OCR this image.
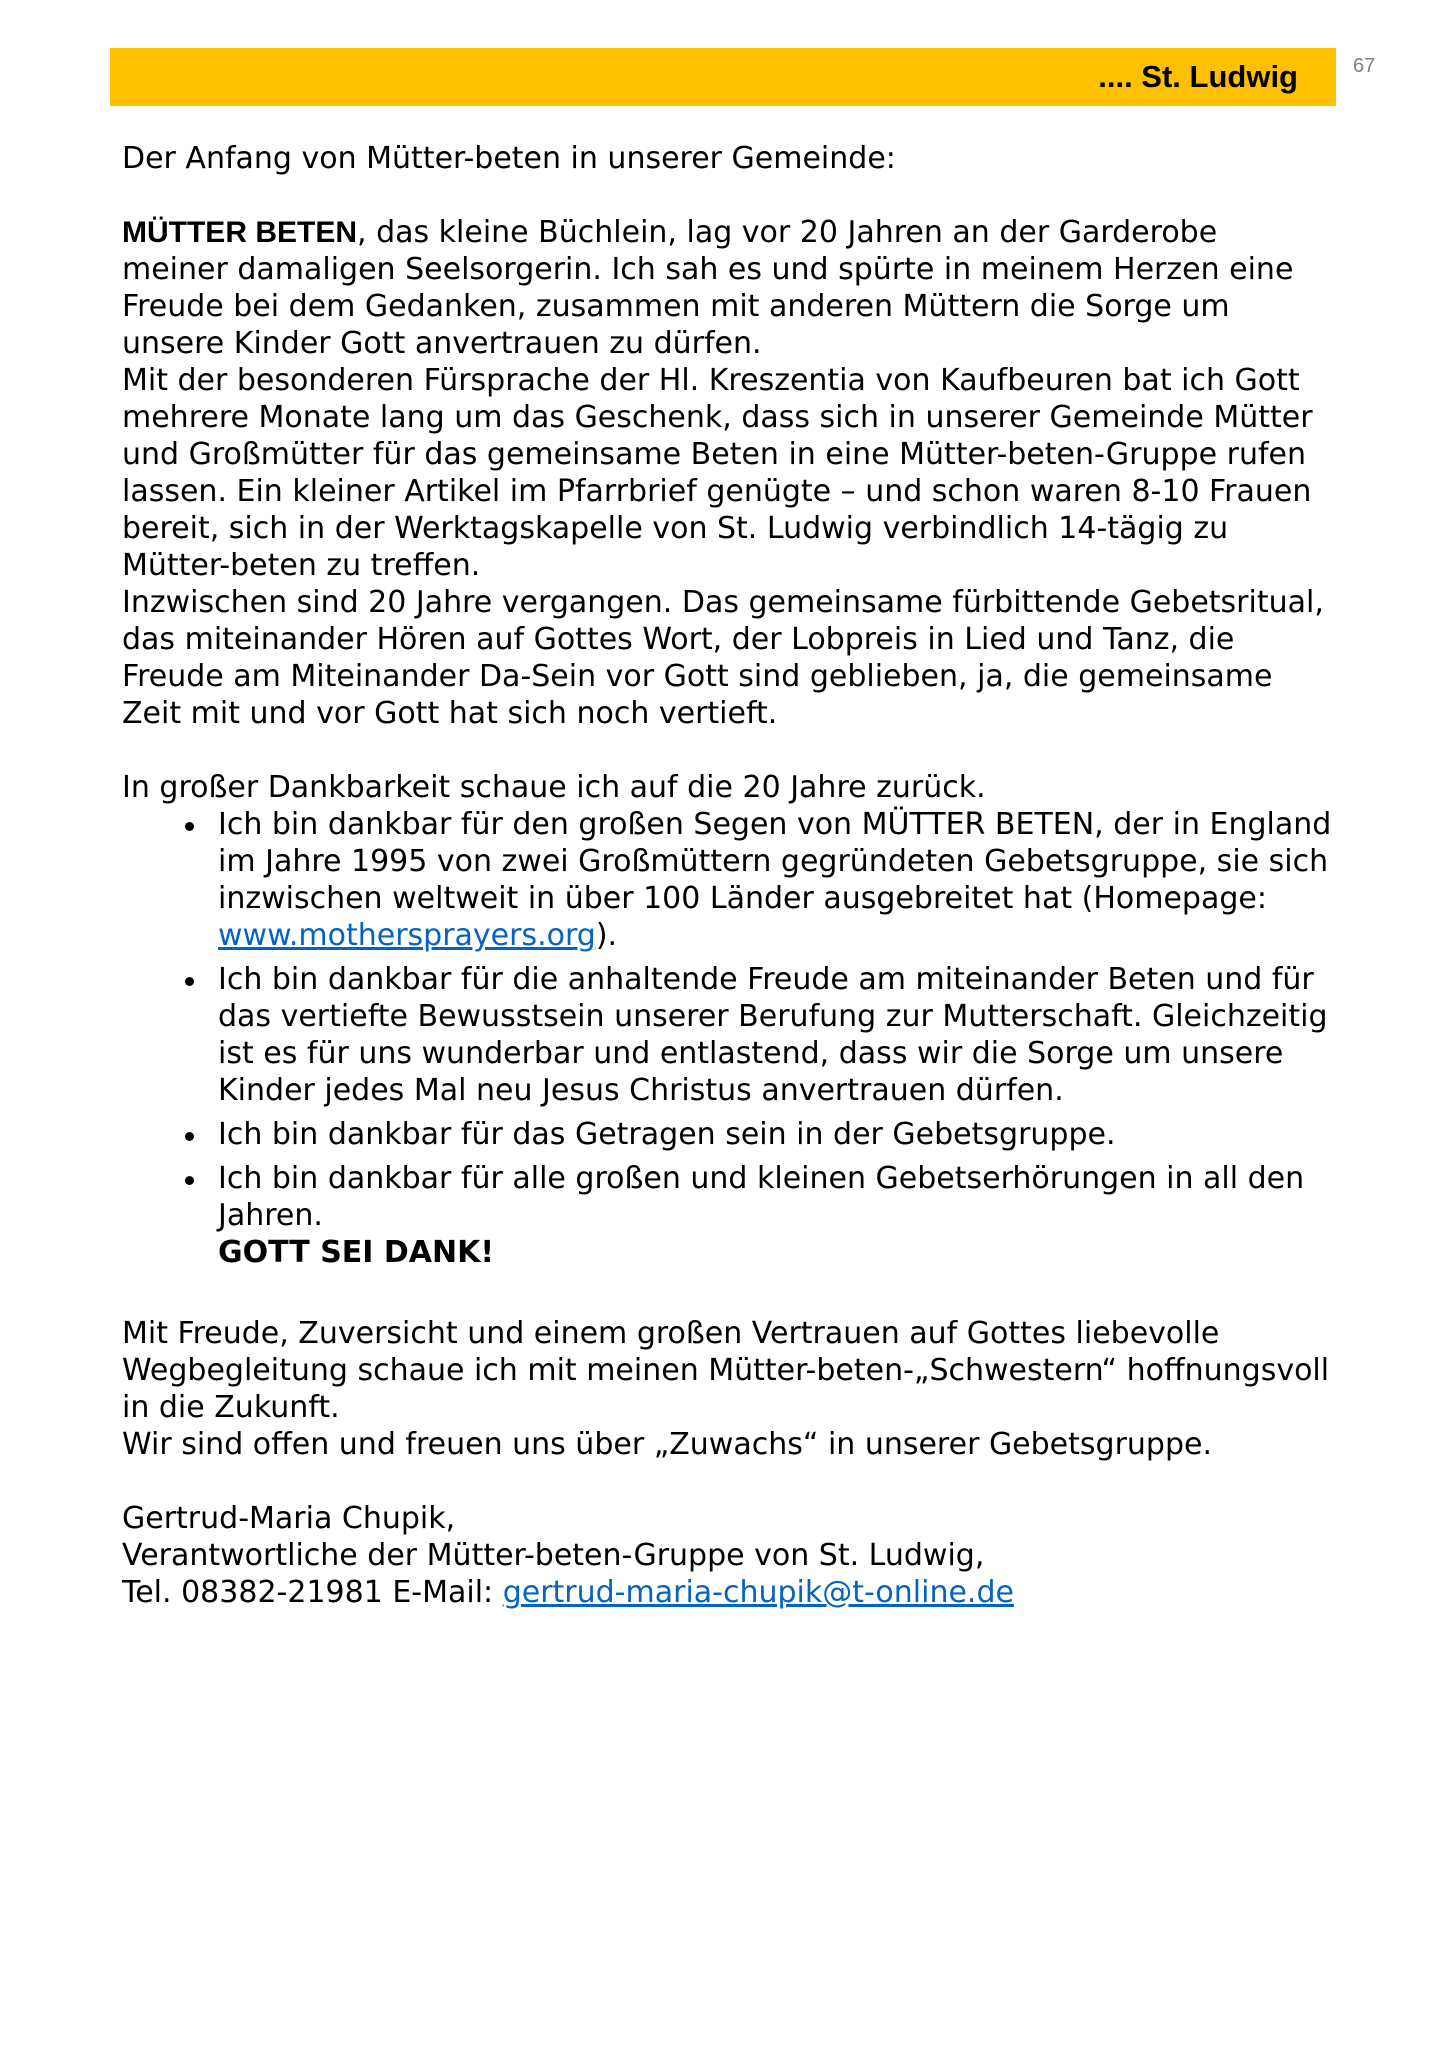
.... St. Ludwig	67

Der Anfang von Mütter-beten in unserer Gemeinde:

MÜTTER BETEN, das kleine Büchlein, lag vor 20 Jahren an der Garderobe meiner damaligen Seelsorgerin. Ich sah es und spürte in meinem Herzen eine Freude bei dem Gedanken, zusammen mit anderen Müttern die Sorge um unsere Kinder Gott anvertrauen zu dürfen.

Mit der besonderen Fürsprache der Hl. Kreszentia von Kaufbeuren bat ich Gott mehrere Monate lang um das Geschenk, dass sich in unserer Gemeinde Mütter und Großmütter für das gemeinsame Beten in eine Mütter-beten-Gruppe rufen lassen. Ein kleiner Artikel im Pfarrbrief genügte – und schon waren 8-10 Frauen bereit, sich in der Werktagskapelle von St. Ludwig verbindlich 14-tägig zu Mütter-beten zu treffen.

Inzwischen sind 20 Jahre vergangen. Das gemeinsame fürbittende Gebetsritual, das miteinander Hören auf Gottes Wort, der Lobpreis in Lied und Tanz, die Freude am Miteinander Da-Sein vor Gott sind geblieben, ja, die gemeinsame Zeit mit und vor Gott hat sich noch vertieft.

In großer Dankbarkeit schaue ich auf die 20 Jahre zurück.

Ich bin dankbar für den großen Segen von MÜTTER BETEN, der in England im Jahre 1995 von zwei Großmüttern gegründeten Gebetsgruppe, sie sich inzwischen weltweit in über 100 Länder ausgebreitet hat (Homepage: www.mothersprayers.org).
Ich bin dankbar für die anhaltende Freude am miteinander Beten und für das vertiefte Bewusstsein unserer Berufung zur Mutterschaft. Gleichzeitig ist es für uns wunderbar und entlastend, dass wir die Sorge um unsere Kinder jedes Mal neu Jesus Christus anvertrauen dürfen.
Ich bin dankbar für das Getragen sein in der Gebetsgruppe.
Ich bin dankbar für alle großen und kleinen Gebetserhörungen in all den Jahren.
GOTT SEI DANK!

Mit Freude, Zuversicht und einem großen Vertrauen auf Gottes liebevolle Wegbegleitung schaue ich mit meinen Mütter-beten-„Schwestern“ hoffnungsvoll in die Zukunft.

Wir sind offen und freuen uns über „Zuwachs“ in unserer Gebetsgruppe.

Gertrud-Maria Chupik,

Verantwortliche der Mütter-beten-Gruppe von St. Ludwig,

Tel. 08382-21981 E-Mail: gertrud-maria-chupik@t-online.de
